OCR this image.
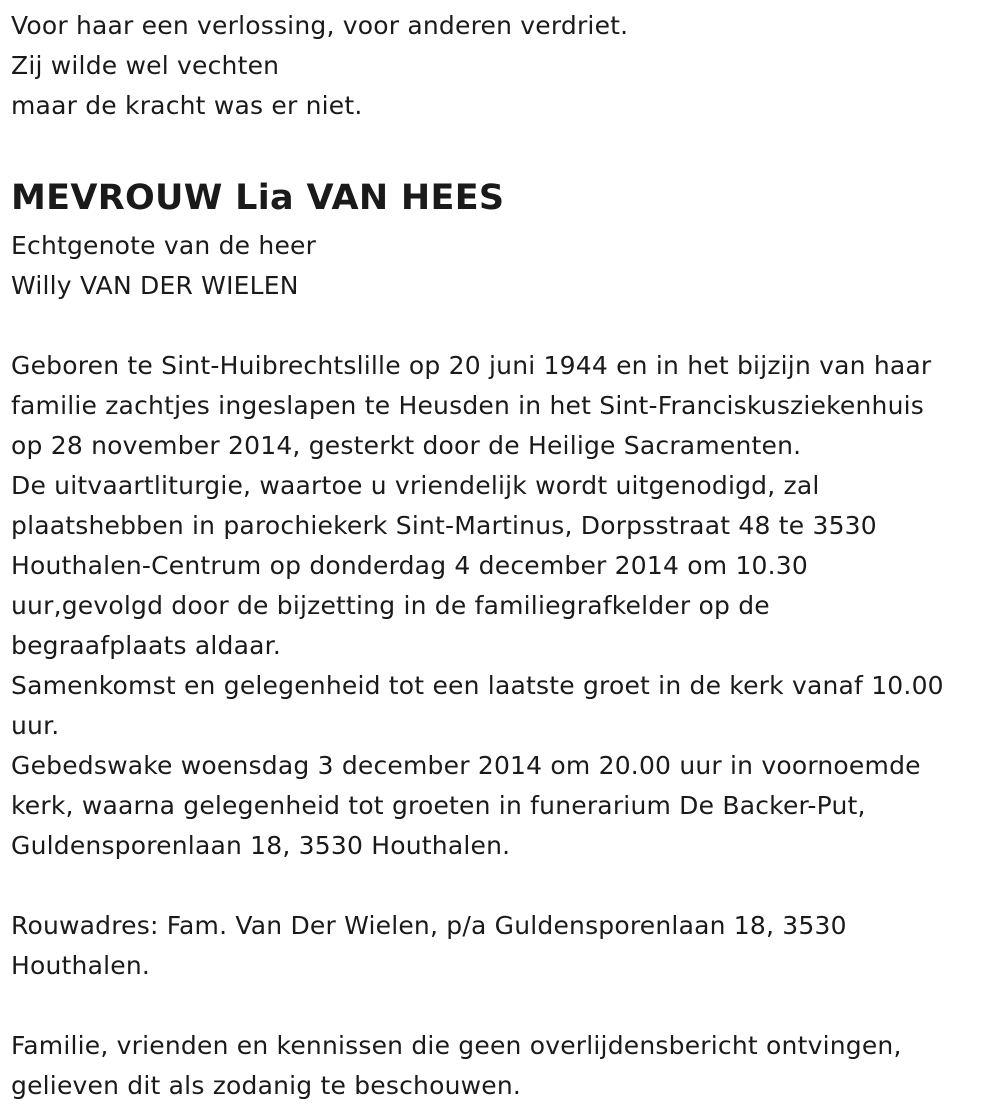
Voor haar een verlossing, voor anderen verdriet.
Zij wilde wel vechten
maar de kracht was er niet.
MEVROUW Lia VAN HEES
Echtgenote van de heer
Willy VAN DER WIELEN
Geboren te Sint-Huibrechtslille op 20 juni 1944 en in het bijzijn van haar
familie zachtjes ingeslapen te Heusden in het Sint-Franciskusziekenhuis
op 28 november 2014, gesterkt door de Heilige Sacramenten.
De uitvaartliturgie, waartoe u vriendelijk wordt uitgenodigd, zal
plaatshebben in parochiekerk Sint-Martinus, Dorpsstraat 48 te 3530
Houthalen-Centrum op donderdag 4 december 2014 om 10.30
uur,gevolgd door de bijzetting in de familiegrafkelder op de
begraafplaats aldaar.
Samenkomst en gelegenheid tot een laatste groet in de kerk vanaf 10.00
uur.
Gebedswake woensdag 3 december 2014 om 20.00 uur in voornoemde
kerk, waarna gelegenheid tot groeten in funerarium De Backer-Put,
Guldensporenlaan 18, 3530 Houthalen.
Rouwadres: Fam. Van Der Wielen, p/a Guldensporenlaan 18, 3530
Houthalen.
Familie, vrienden en kennissen die geen overlijdensbericht ontvingen,
gelieven dit als zodanig te beschouwen.
